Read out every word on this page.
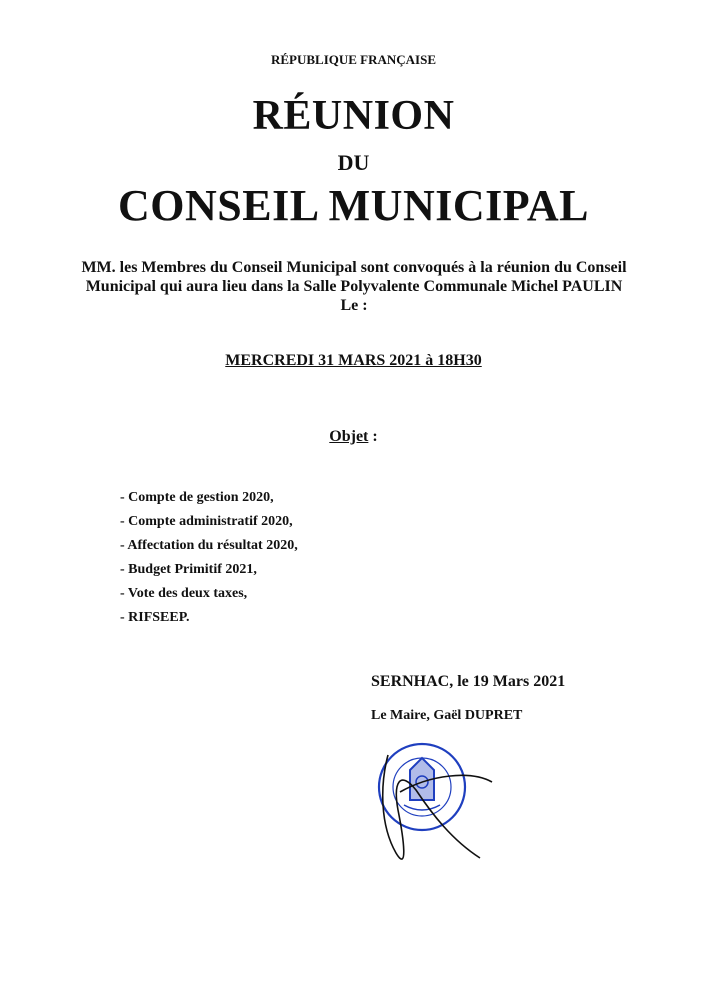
RÉPUBLIQUE FRANÇAISE
RÉUNION
DU
CONSEIL MUNICIPAL
MM. les Membres du Conseil Municipal sont convoqués à la réunion du Conseil Municipal qui aura lieu dans la Salle Polyvalente Communale Michel PAULIN Le :
MERCREDI 31 MARS 2021 à 18H30
Objet :
- Compte de gestion 2020,
- Compte administratif 2020,
- Affectation du résultat 2020,
- Budget Primitif 2021,
- Vote des deux taxes,
- RIFSEEP.
SERNHAC, le 19 Mars 2021
Le Maire, Gaël DUPRET
